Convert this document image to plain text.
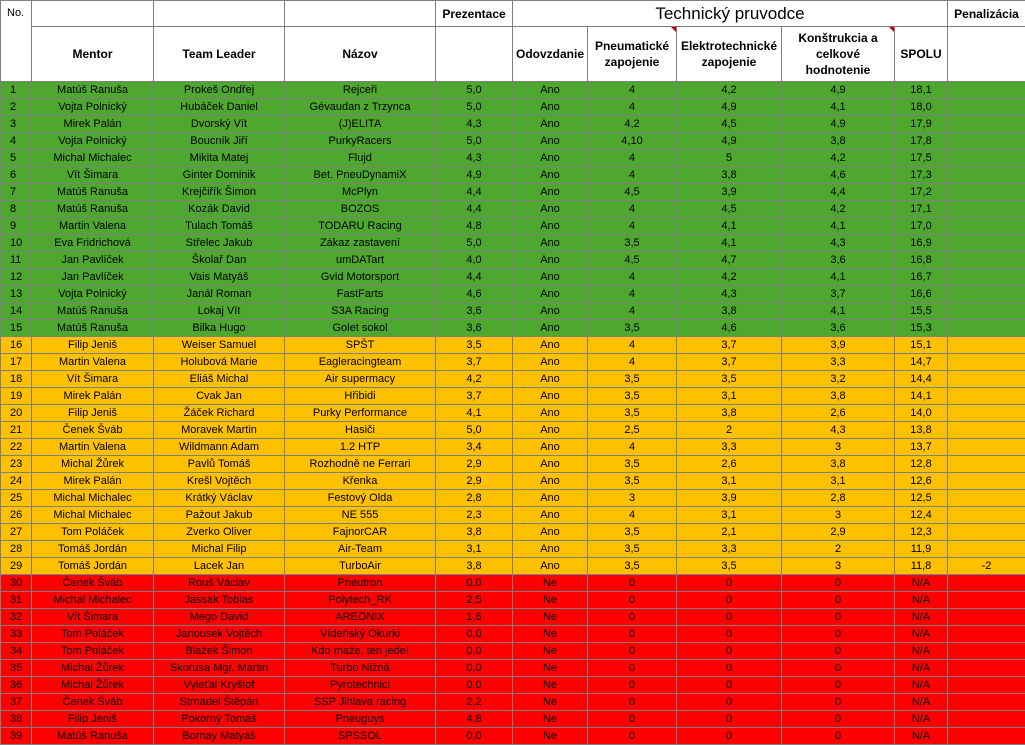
No.				Prezentace	Technický pruvodce					Penalizácia
	Mentor	Team Leader	Názov		Odovzdanie	Pneumatické zapojenie	Elektrotechnické zapojenie	Konštrukcia a celkové hodnotenie	SPOLU	
1	Matúš Ranuša	Prokeš Ondřej	Rejceři	5,0	Ano	4	4,2	4,9	18,1	
2	Vojta Polnický	Hubáček Daniel	Gévaudan z Trzynca	5,0	Ano	4	4,9	4,1	18,0	
3	Mirek Palán	Dvorský Vít	(J)ELITA	4,3	Ano	4,2	4,5	4,9	17,9	
4	Vojta Polnický	Boucník Jiří	PurkyRacers	5,0	Ano	4,10	4,9	3,8	17,8	
5	Michal Michalec	Mikita Matej	Flujd	4,3	Ano	4	5	4,2	17,5	
6	Vít Šimara	Ginter Dominik	Bet. PneuDynamiX	4,9	Ano	4	3,8	4,6	17,3	
7	Matúš Ranuša	Krejčiřík Šimon	McPlyn	4,4	Ano	4,5	3,9	4,4	17,2	
8	Matúš Ranuša	Kozák David	BOZOS	4,4	Ano	4	4,5	4,2	17,1	
9	Martin Valena	Tulach Tomáš	TODARU Racing	4,8	Ano	4	4,1	4,1	17,0	
10	Eva Fridrichová	Střelec Jakub	Zákaz zastavení	5,0	Ano	3,5	4,1	4,3	16,9	
11	Jan Pavlíček	Školař Dan	umDATart	4,0	Ano	4,5	4,7	3,6	16,8	
12	Jan Pavlíček	Vais Matyáš	Gvid Motorsport	4,4	Ano	4	4,2	4,1	16,7	
13	Vojta Polnický	Janál Roman	FastFarts	4,6	Ano	4	4,3	3,7	16,6	
14	Matúš Ranuša	Lokaj Vít	S3A Racing	3,6	Ano	4	3,8	4,1	15,5	
15	Matúš Ranuša	Bilka Hugo	Golet sokol	3,6	Ano	3,5	4,6	3,6	15,3	
16	Filip Jeniš	Weiser Samuel	SPŠT	3,5	Ano	4	3,7	3,9	15,1	
17	Martin Valena	Holubová Marie	Eagleracingteam	3,7	Ano	4	3,7	3,3	14,7	
18	Vít Šimara	Eliáš Michal	Air supermacy	4,2	Ano	3,5	3,5	3,2	14,4	
19	Mirek Palán	Cvak Jan	Hřibidi	3,7	Ano	3,5	3,1	3,8	14,1	
20	Filip Jeniš	Žáček Richard	Purky Performance	4,1	Ano	3,5	3,8	2,6	14,0	
21	Čenek Šváb	Moravek Martin	Hasiči	5,0	Ano	2,5	2	4,3	13,8	
22	Martin Valena	Wildmann Adam	1.2 HTP	3,4	Ano	4	3,3	3	13,7	
23	Michal Žůrek	Pavlů Tomáš	Rozhodně ne Ferrari	2,9	Ano	3,5	2,6	3,8	12,8	
24	Mirek Palán	Krešl Vojtěch	Křenka	2,9	Ano	3,5	3,1	3,1	12,6	
25	Michal Michalec	Krátký Václav	Festový Olda	2,8	Ano	3	3,9	2,8	12,5	
26	Michal Michalec	Pažout Jakub	NE 555	2,3	Ano	4	3,1	3	12,4	
27	Tom Poláček	Zverko Oliver	FajnorCAR	3,8	Ano	3,5	2,1	2,9	12,3	
28	Tomáš Jordán	Michal Filip	Air-Team	3,1	Ano	3,5	3,3	2	11,9	
29	Tomáš Jordán	Lacek Jan	TurboAir	3,8	Ano	3,5	3,5	3	11,8	-2
30	Čenek Šváb	Rouš Václav	Pneutron	0,0	Ne	0	0	0	N/A	
31	Michal Michalec	Jassak Tobias	Polytech_RK	2,5	Ne	0	0	0	N/A	
32	Vít Šimara	Mego David	AREONIX	1,6	Ne	0	0	0	N/A	
33	Tom Poláček	Janousek Vojtěch	Vídeňský Okurki	0,0	Ne	0	0	0	N/A	
34	Tom Poláček	Blažek Šimon	Kdo maže, ten jede!	0,0	Ne	0	0	0	N/A	
35	Michal Žůrek	Skorusa Mgr. Martin	Turbo Nižná	0,0	Ne	0	0	0	N/A	
36	Michal Žůrek	Vyleťal Kryštof	Pyrotechnici	0,0	Ne	0	0	0	N/A	
37	Čenek Šváb	Strnadel Štěpán	SSP Jihlava racing	2,2	Ne	0	0	0	N/A	
38	Filip Jeniš	Pokorný Tomáš	Pneuguys	4,8	Ne	0	0	0	N/A	
39	Matúš Ranuša	Bornay Matyáš	SPSSOL	0,0	Ne	0	0	0	N/A	
